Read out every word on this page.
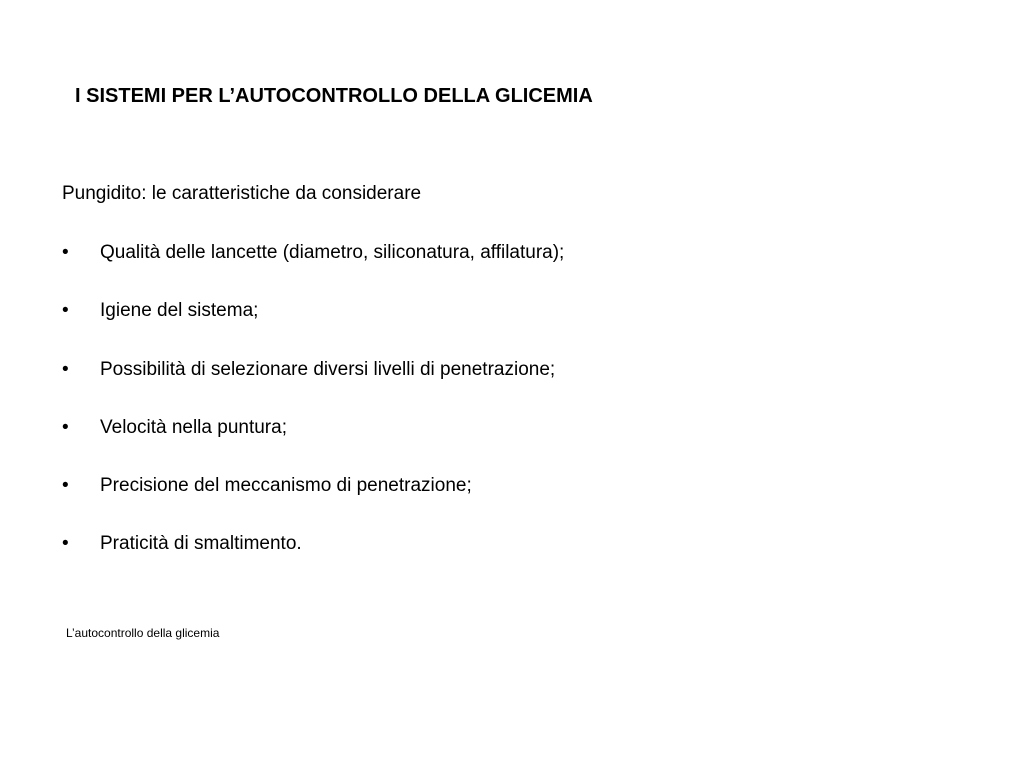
I SISTEMI PER L’AUTOCONTROLLO DELLA GLICEMIA
Pungidito: le caratteristiche da considerare
• Qualità delle lancette (diametro, siliconatura, affilatura);
• Igiene del sistema;
• Possibilità di selezionare diversi livelli di penetrazione;
• Velocità nella puntura;
• Precisione del meccanismo di penetrazione;
• Praticità di smaltimento.
L’autocontrollo della glicemia
